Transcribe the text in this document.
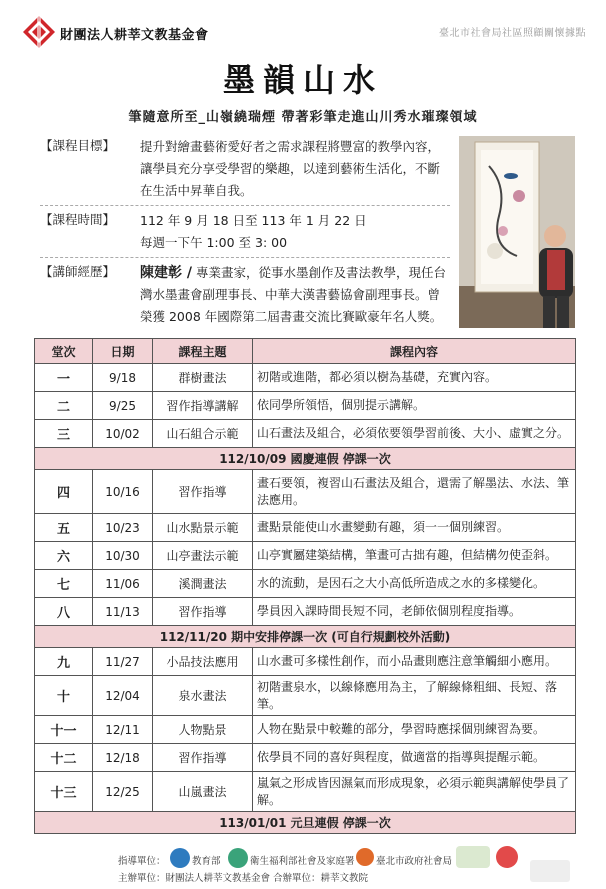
財團法人耕莘文教基金會	臺北市社會局社區照顧關懷據點
墨韻山水
筆隨意所至_山嶺繞瑞煙 帶著彩筆走進山川秀水璀璨領域
【課程目標】	提升對繪畫藝術愛好者之需求課程將豐富的教學內容，讓學員充分享受學習的樂趣，以達到藝術生活化，不斷在生活中昇華自我。
【課程時間】	112 年 9 月 18 日至 113 年 1 月 22 日
每週一下午 1:00 至 3: 00
【講師經歷】	陳建彰 / 專業畫家，從事水墨創作及書法教學，現任台灣水墨畫會副理事長、中華大漢書藝協會副理事長。曾榮獲 2008 年國際第二屆書畫交流比賽歐豪年名人獎。
堂次	日期	課程主題	課程內容
一	9/18	群樹畫法	初階或進階，都必須以樹為基礎，充實內容。
二	9/25	習作指導講解	依同學所領悟，個別提示講解。
三	10/02	山石組合示範	山石畫法及組合，必須依要領學習前後、大小、虛實之分。
112/10/09 國慶連假 停課一次			
四	10/16	習作指導	畫石要領，複習山石畫法及組合，還需了解墨法、水法、筆法應用。
五	10/23	山水點景示範	畫點景能使山水畫變動有趣，須一一個別練習。
六	10/30	山亭畫法示範	山亭實屬建築結構，筆畫可古拙有趣，但結構勿使歪斜。
七	11/06	溪澗畫法	水的流動，是因石之大小高低所造成之水的多樣變化。
八	11/13	習作指導	學員因入課時間長短不同，老師依個別程度指導。
112/11/20 期中安排停課一次 (可自行規劃校外活動)			
九	11/27	小品技法應用	山水畫可多樣性創作，而小品畫則應注意筆觸細小應用。
十	12/04	泉水畫法	初階畫泉水，以線條應用為主，了解線條粗細、長短、落筆。
十一	12/11	人物點景	人物在點景中較難的部分，學習時應採個別練習為要。
十二	12/18	習作指導	依學員不同的喜好與程度，做適當的指導與提醒示範。
十三	12/25	山嵐畫法	嵐氣之形成皆因濕氣而形成現象，必須示範與講解使學員了解。
113/01/01 元旦連假 停課一次			
指導單位：	教育部	衛生福利部社會及家庭署 臺北市政府社會局
主辦單位：財團法人耕莘文教基金會 合辦單位：耕莘文教院
